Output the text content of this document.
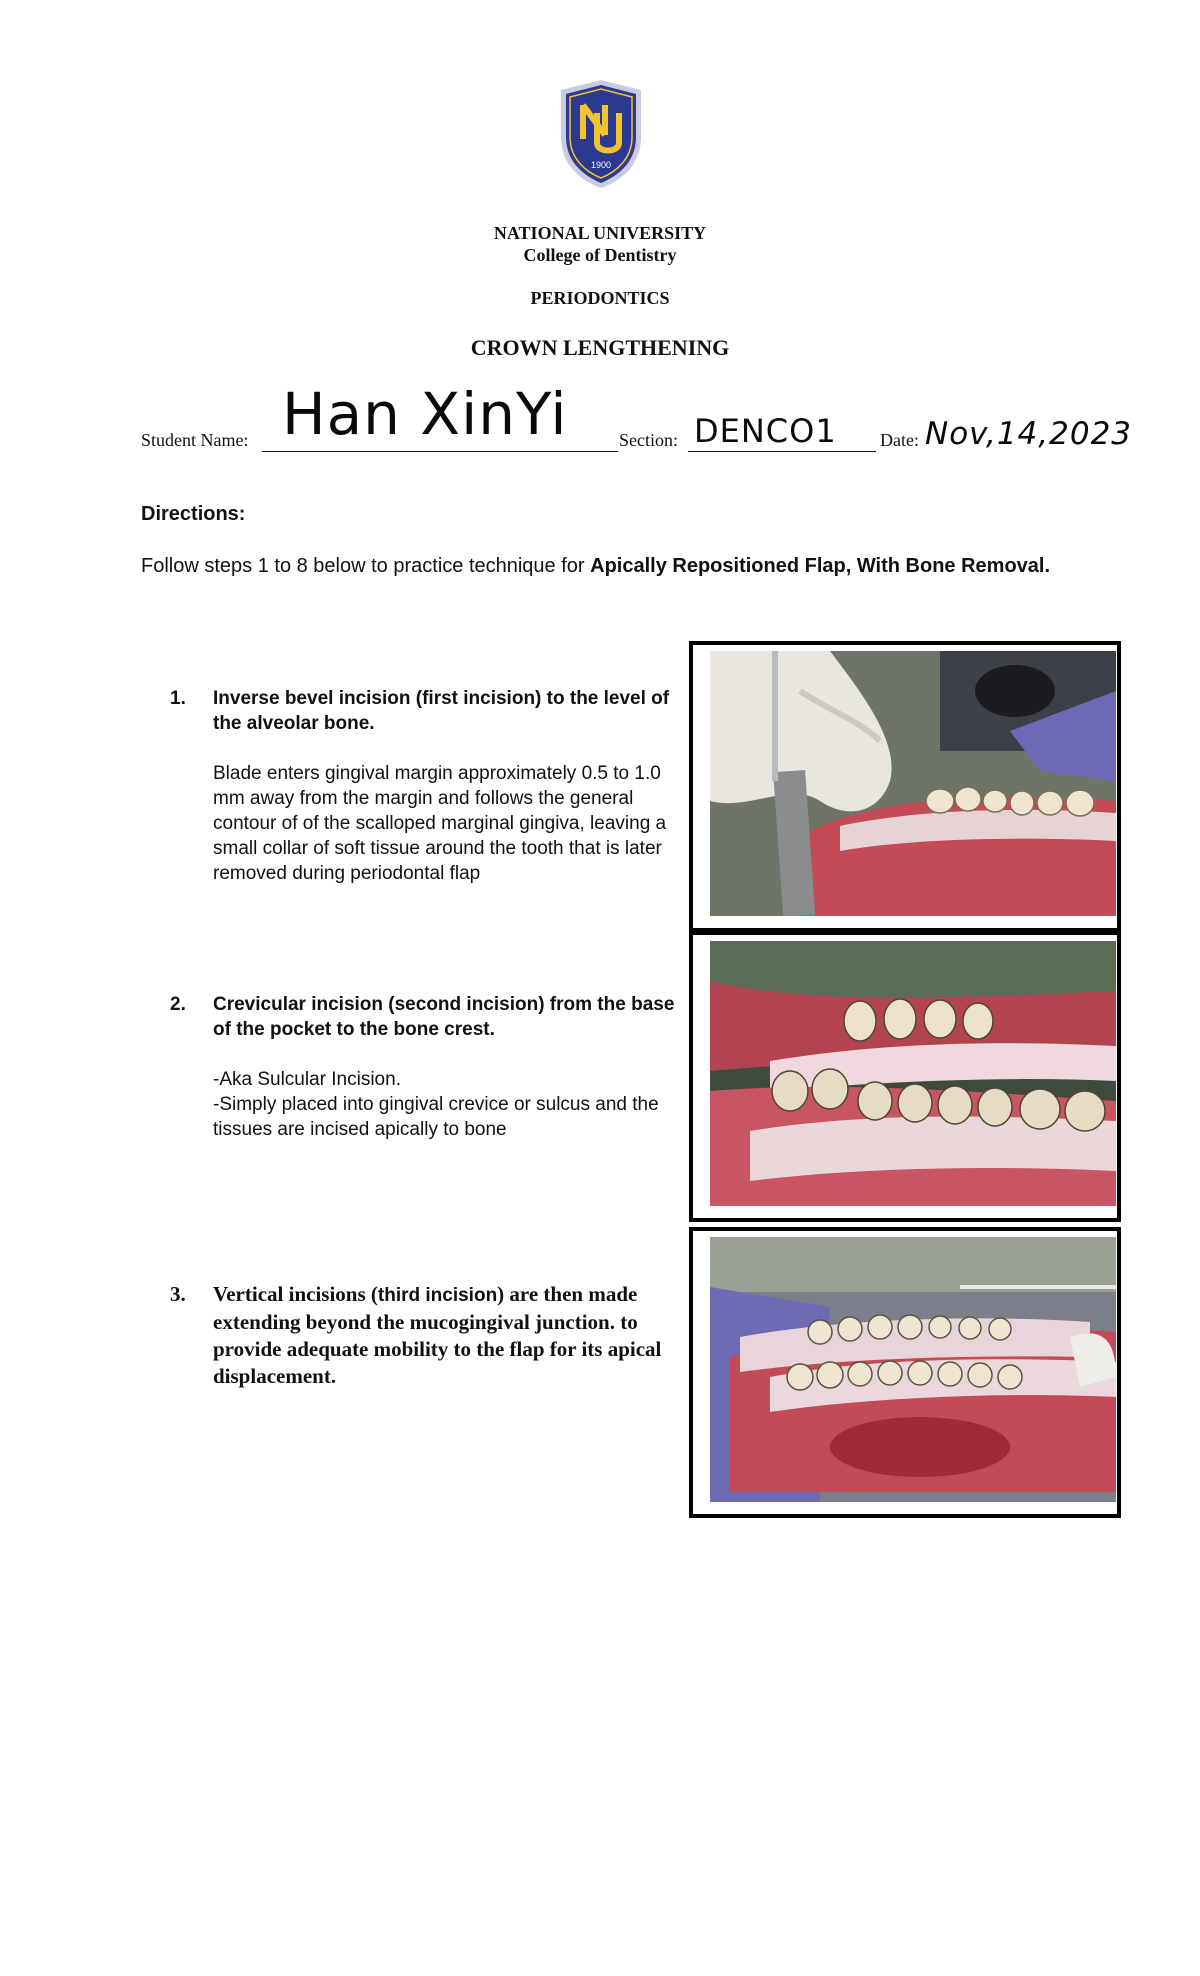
1900
NATIONAL UNIVERSITY
College of Dentistry
PERIODONTICS
CROWN LENGTHENING
Student Name: Han XinYi	Section: DENCO1 Date: Nov,14,2023
Directions:
Follow steps 1 to 8 below to practice technique for Apically Repositioned Flap, With Bone Removal.
1. Inverse bevel incision (first incision) to the level of the alveolar bone.
Blade enters gingival margin approximately 0.5 to 1.0 mm away from the margin and follows the general contour of of the scalloped marginal gingiva, leaving a small collar of soft tissue around the tooth that is later removed during periodontal flap
2. Crevicular incision (second incision) from the base of the pocket to the bone crest.
-Aka Sulcular Incision.
-Simply placed into gingival crevice or sulcus and the tissues are incised apically to bone
3. Vertical incisions (third incision) are then made extending beyond the mucogingival junction. to provide adequate mobility to the flap for its apical displacement.
